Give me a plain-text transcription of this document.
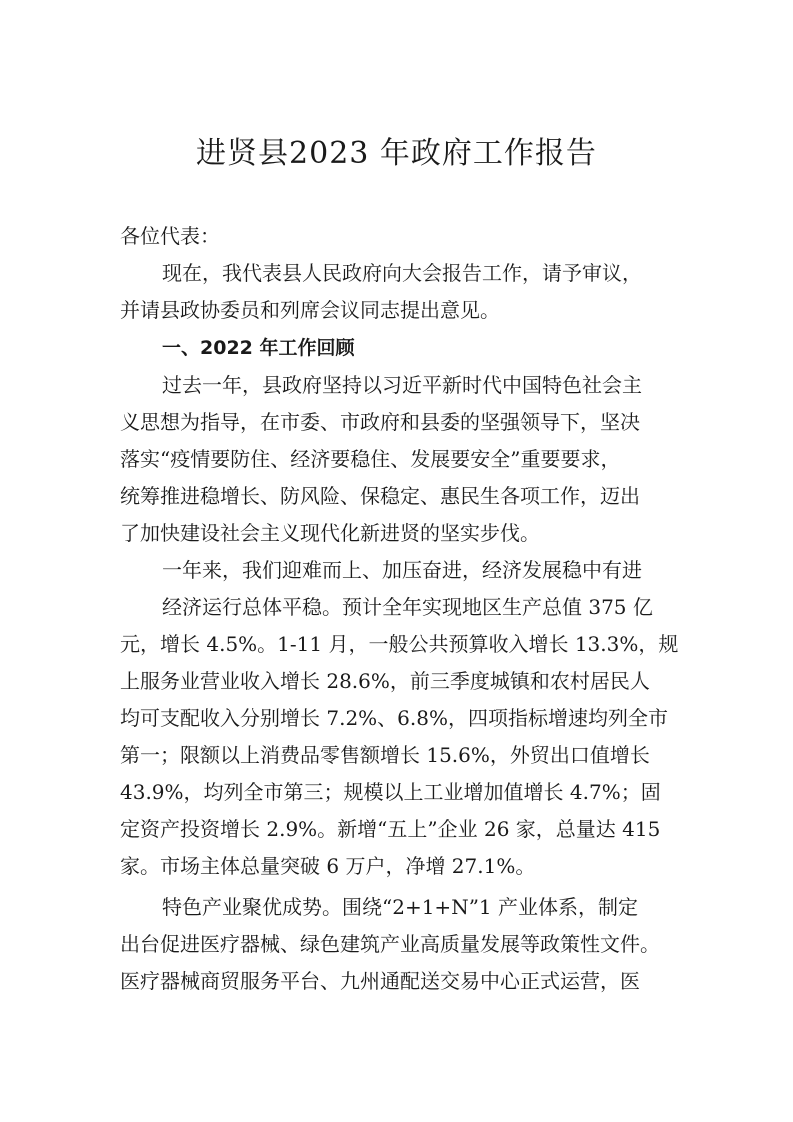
进贤县2023 年政府工作报告
各位代表：
现在，我代表县人民政府向大会报告工作，请予审议，
并请县政协委员和列席会议同志提出意见。
一、2022 年工作回顾
过去一年，县政府坚持以习近平新时代中国特色社会主
义思想为指导，在市委、市政府和县委的坚强领导下，坚决
落实“疫情要防住、经济要稳住、发展要安全”重要要求，
统筹推进稳增长、防风险、保稳定、惠民生各项工作，迈出
了加快建设社会主义现代化新进贤的坚实步伐。
一年来，我们迎难而上、加压奋进，经济发展稳中有进
经济运行总体平稳。预计全年实现地区生产总值 375 亿
元，增长 4.5%。1-11 月，一般公共预算收入增长 13.3%，规
上服务业营业收入增长 28.6%，前三季度城镇和农村居民人
均可支配收入分别增长 7.2%、6.8%，四项指标增速均列全市
第一；限额以上消费品零售额增长 15.6%，外贸出口值增长
43.9%，均列全市第三；规模以上工业增加值增长 4.7%；固
定资产投资增长 2.9%。新增“五上”企业 26 家，总量达 415
家。市场主体总量突破 6 万户，净增 27.1%。
特色产业聚优成势。围绕“2+1+N”1 产业体系，制定
出台促进医疗器械、绿色建筑产业高质量发展等政策性文件。
医疗器械商贸服务平台、九州通配送交易中心正式运营，医
